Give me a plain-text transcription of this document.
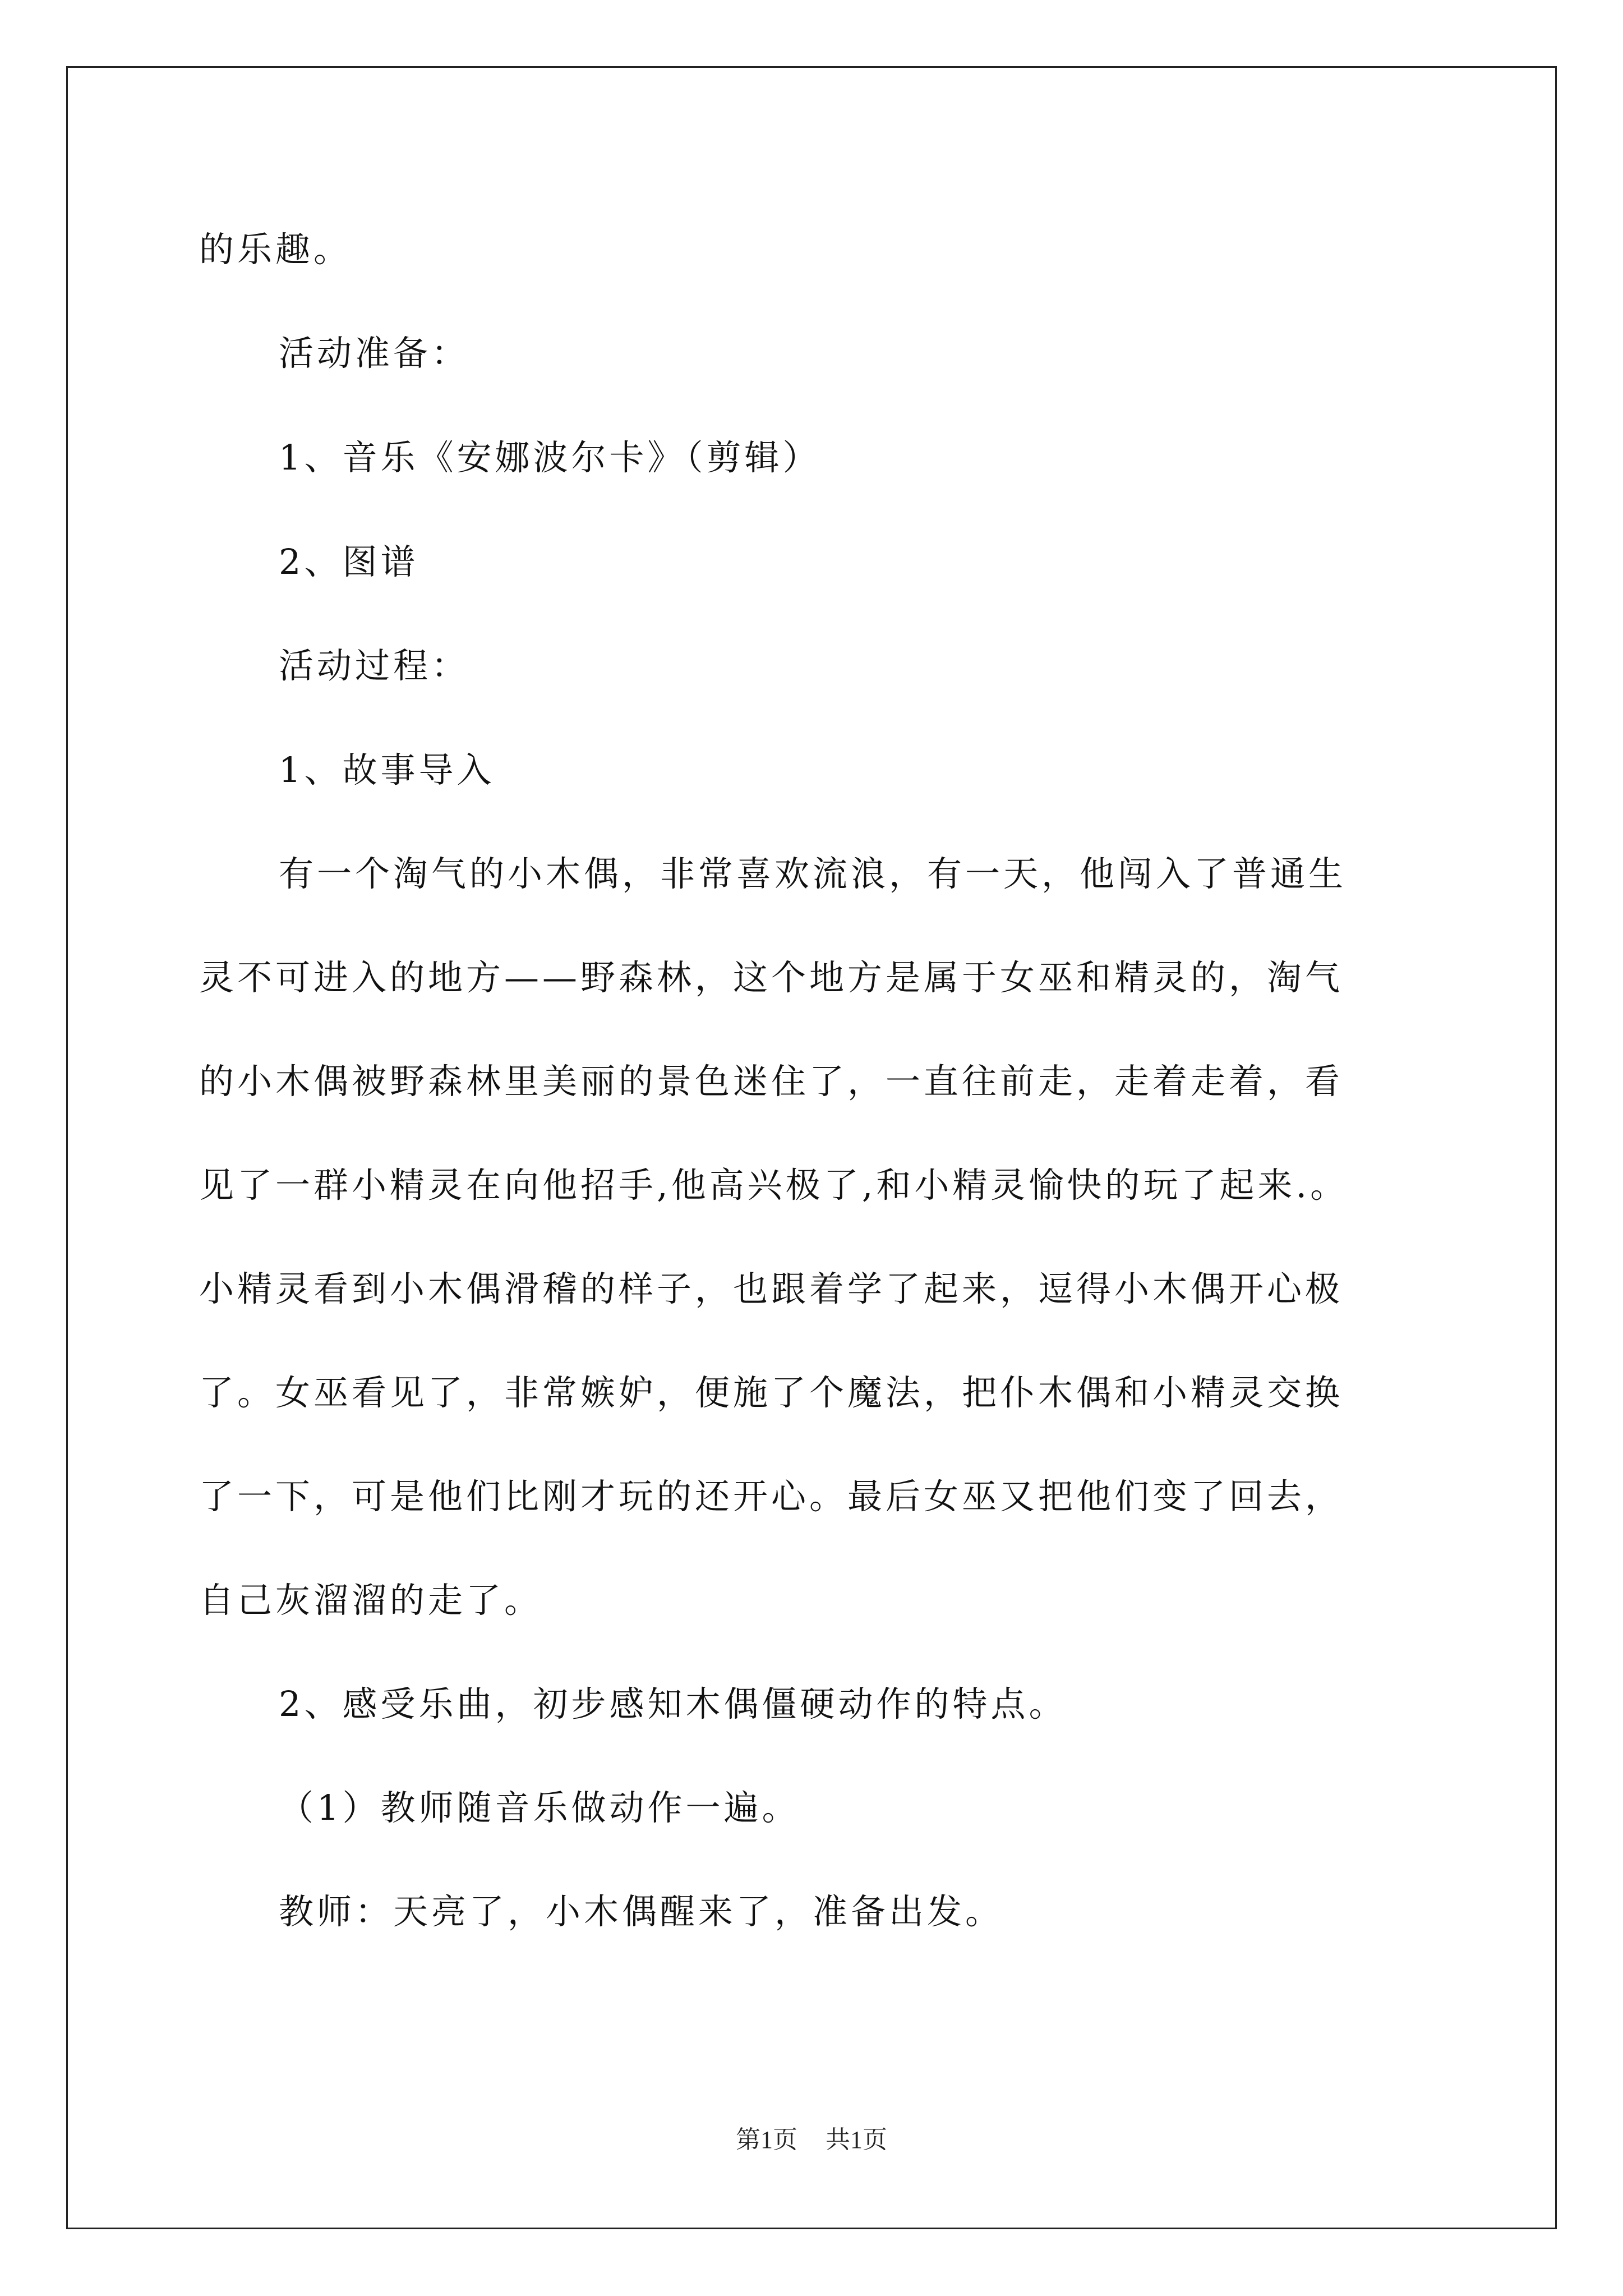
的乐趣。
活动准备：
1、音乐《安娜波尔卡》（剪辑）
2、图谱
活动过程：
1、故事导入
有一个淘气的小木偶，非常喜欢流浪，有一天，他闯入了普通生
灵不可进入的地方——野森林，这个地方是属于女巫和精灵的，淘气
的小木偶被野森林里美丽的景色迷住了，一直往前走，走着走着，看
见了一群小精灵在向他招手,他高兴极了,和小精灵愉快的玩了起来.。
小精灵看到小木偶滑稽的样子，也跟着学了起来，逗得小木偶开心极
了。女巫看见了，非常嫉妒，便施了个魔法，把仆木偶和小精灵交换
了一下，可是他们比刚才玩的还开心。最后女巫又把他们变了回去，
自己灰溜溜的走了。
2、感受乐曲，初步感知木偶僵硬动作的特点。
（1）教师随音乐做动作一遍。
教师：天亮了，小木偶醒来了，准备出发。
第1页 共1页
